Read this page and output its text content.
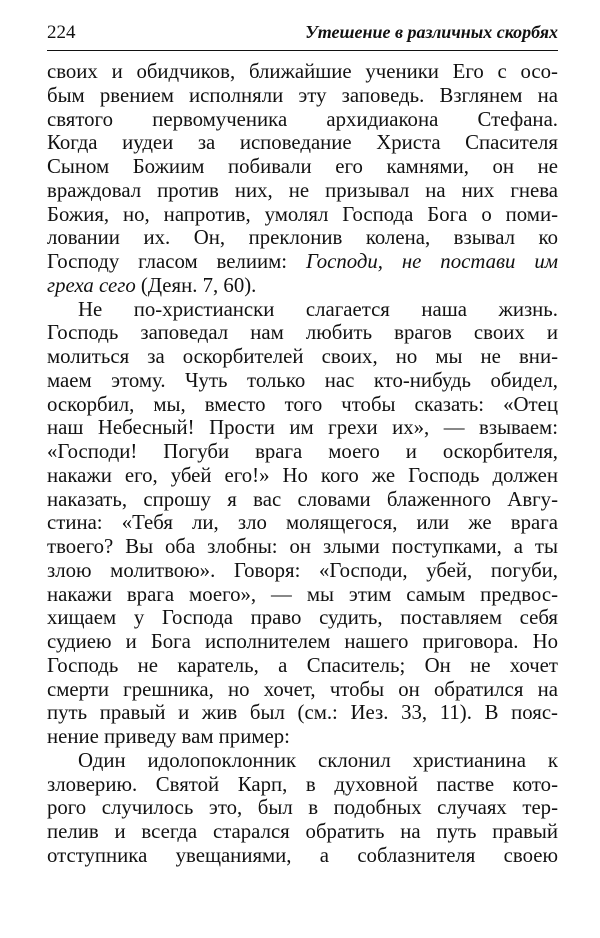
224	Утешение в различных скорбях
своих и обидчиков, ближайшие ученики Его с осо-
бым рвением исполняли эту заповедь. Взглянем на
святого первомученика архидиакона Стефана.
Когда иудеи за исповедание Христа Спасителя
Сыном Божиим побивали его камнями, он не
враждовал против них, не призывал на них гнева
Божия, но, напротив, умолял Господа Бога о поми-
ловании их. Он, преклонив колена, взывал ко
Господу гласом велиим: Господи, не постави им
греха сего (Деян. 7, 60).
Не по-христиански слагается наша жизнь.
Господь заповедал нам любить врагов своих и
молиться за оскорбителей своих, но мы не вни-
маем этому. Чуть только нас кто-нибудь обидел,
оскорбил, мы, вместо того чтобы сказать: «Отец
наш Небесный! Прости им грехи их», — взываем:
«Господи! Погуби врага моего и оскорбителя,
накажи его, убей его!» Но кого же Господь должен
наказать, спрошу я вас словами блаженного Авгу-
стина: «Тебя ли, зло молящегося, или же врага
твоего? Вы оба злобны: он злыми поступками, а ты
злою молитвою». Говоря: «Господи, убей, погуби,
накажи врага моего», — мы этим самым предвос-
хищаем у Господа право судить, поставляем себя
судиею и Бога исполнителем нашего приговора. Но
Господь не каратель, а Спаситель; Он не хочет
смерти грешника, но хочет, чтобы он обратился на
путь правый и жив был (см.: Иез. 33, 11). В пояс-
нение приведу вам пример:
Один идолопоклонник склонил христианина к
зловерию. Святой Карп, в духовной пастве кото-
рого случилось это, был в подобных случаях тер-
пелив и всегда старался обратить на путь правый
отступника увещаниями, а соблазнителя своею
